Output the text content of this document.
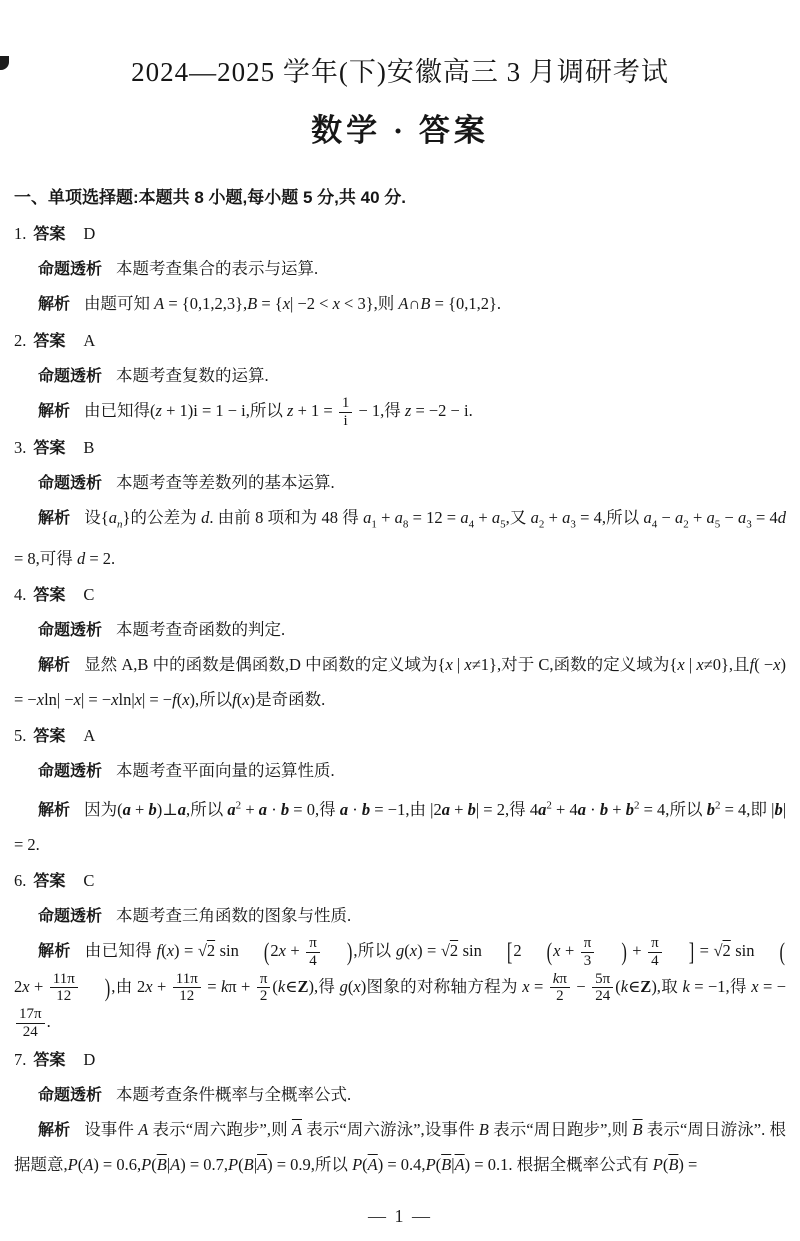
2024—2025 学年(下)安徽高三 3 月调研考试
数学 · 答案
一、单项选择题:本题共 8 小题,每小题 5 分,共 40 分.

1. 答案 D

命题透析 本题考查集合的表示与运算.

解析 由题可知 A = {0,1,2,3},B = {x| −2 < x < 3},则 A∩B = {0,1,2}.

2. 答案 A

命题透析 本题考查复数的运算.

解析 由已知得(z + 1)i = 1 − i,所以 $z + 1 = \frac{1}{i} - 1$,得 z = −2 − i.

3. 答案 B

命题透析 本题考查等差数列的基本运算.

解析 设$\{a_n\}$的公差为 d. 由前 8 项和为 48 得 $a_1 + a_8 = 12 = a_4 + a_5$,又 $a_2 + a_3 = 4$,所以 $a_4 - a_2 + a_5 - a_3 = 4d = 8$,可得 d = 2.

4. 答案 C

命题透析 本题考查奇函数的判定.

解析 显然 A,B 中的函数是偶函数,D 中函数的定义域为{x | x≠1},对于 C,函数的定义域为{x | x≠0},且f( −x) = −xln| −x| = −xln|x| = −f(x),所以f(x)是奇函数.

5. 答案 A

命题透析 本题考查平面向量的运算性质.

解析 因为(a + b)⊥a,所以 $a^2 + a \cdot b = 0$,得 a · b = −1,由 |2a + b| = 2,得 $4a^2 + 4a \cdot b + b^2 = 4$,所以 $b^2 = 4$,即 |b| = 2.

6. 答案 C

命题透析 本题考查三角函数的图象与性质.

解析 由已知得 f(x) = √2 $\sin (2x + \frac{\pi}{4}$ ),所以 g(x) = √2 sin [2 ($x + \frac{\pi}{3}$ ) + $\frac{\pi}{4}$ ] = √2 $\sin (2x + \frac{11\pi}{12}$ ),由 $2x + \frac{11\pi}{12} = k\pi + \frac{\pi}{2}$ (k∈Z),得 g(x)图象的对称轴方程为 $x = \frac{k\pi}{2} - \frac{5\pi}{24}$ (k∈Z),取 k = −1,得 x = −
$\frac{17\pi}{24}$ .

7. 答案 D

命题透析 本题考查条件概率与全概率公式.

解析 设事件 A 表示“周六跑步”,则 $\overline{A}$ 表示“周六游泳”,设事件 B 表示“周日跑步”,则 $\overline{B}$ 表示“周日游泳”. 根据题意$,P(A) = 0.6,P(\overline{B}|A) = 0.7,P(B|\overline{A}) = 0.9$,所以 $P(\overline{A}) = 0.4,P(\overline{B}|\overline{A}) = 0.1$. 根据全概率公式有 $P(\overline{B})$ =

— 1 —
